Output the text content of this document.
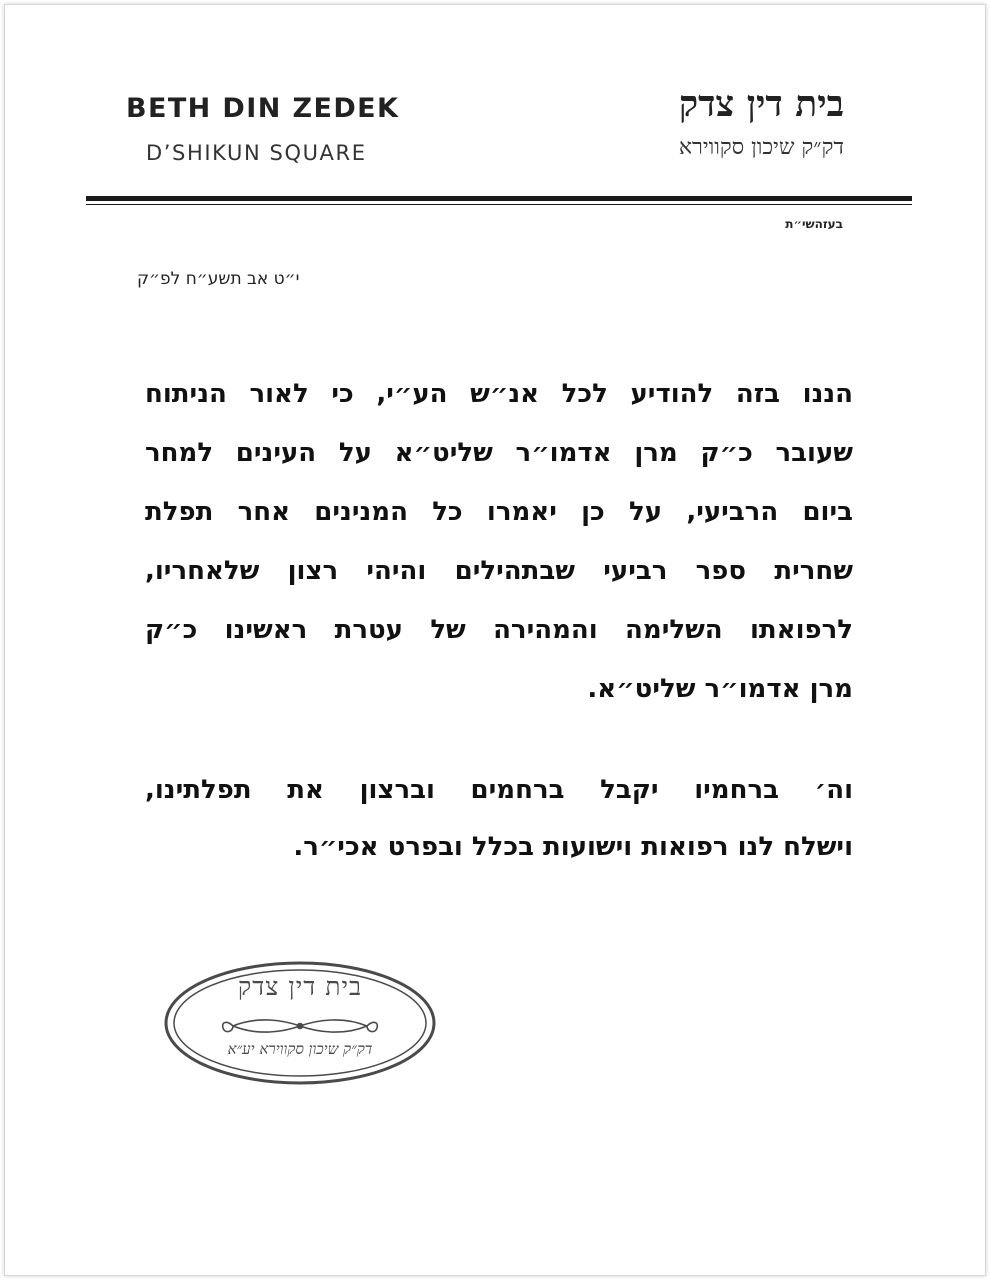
BETH DIN ZEDEK
D’SHIKUN SQUARE
בית דין צדק
דק״ק שיכון סקווירא
בעזהשי״ת
י״ט אב תשע״ח לפ״ק
הננו בזה להודיע לכל אנ״ש הע״י, כי לאור הניתוח
שעובר כ״ק מרן אדמו״ר שליט״א על העינים למחר
ביום הרביעי, על כן יאמרו כל המנינים אחר תפלת
שחרית ספר רביעי שבתהילים והיהי רצון שלאחריו,
לרפואתו השלימה והמהירה של עטרת ראשינו כ״ק
מרן אדמו״ר שליט״א.
וה׳ ברחמיו יקבל ברחמים וברצון את תפלתינו,
וישלח לנו רפואות וישועות בכלל ובפרט אכי״ר.
בית דין צדק
דק״ק שיכון סקווירא יע״א
